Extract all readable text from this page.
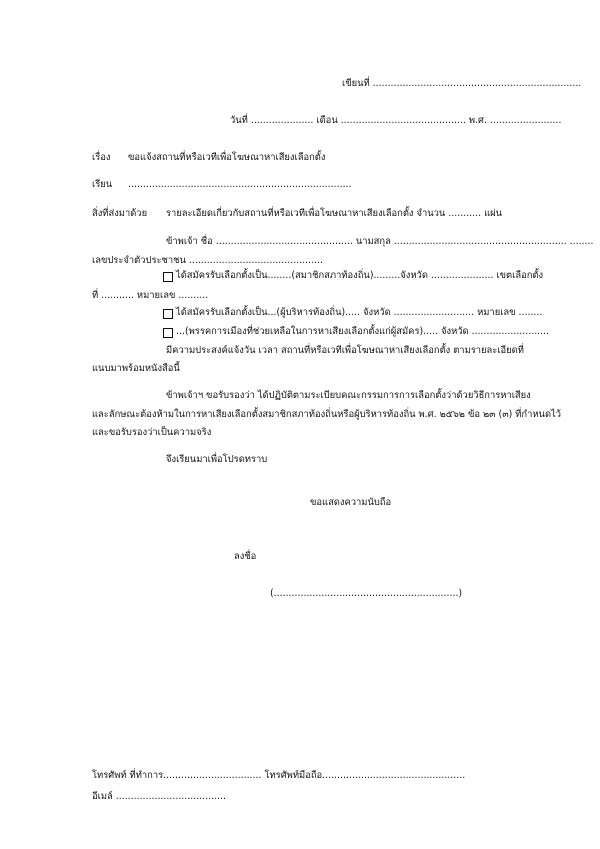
เขียนที่ ......................................................................
วันที่ ..................... เดือน .......................................... พ.ศ. ........................
เรื่อง ขอแจ้งสถานที่หรือเวทีเพื่อโฆษณาหาเสียงเลือกตั้ง
เรียน ...........................................................................
สิ่งที่ส่งมาด้วย รายละเอียดเกี่ยวกับสถานที่หรือเวทีเพื่อโฆษณาหาเสียงเลือกตั้ง จำนวน ........... แผ่น
ข้าพเจ้า ชื่อ .............................................. นามสกุล .......................................................... ........
เลขประจำตัวประชาชน .............................................
ได้สมัครรับเลือกตั้งเป็น........(สมาชิกสภาท้องถิ่น).........จังหวัด ..................... เขตเลือกตั้ง
ที่ ........... หมายเลข ..........
ได้สมัครรับเลือกตั้งเป็น...(ผู้บริหารท้องถิ่น)..... จังหวัด ........................... หมายเลข ........
...(พรรคการเมืองที่ช่วยเหลือในการหาเสียงเลือกตั้งแก่ผู้สมัคร)..... จังหวัด ..........................
มีความประสงค์แจ้งวัน เวลา สถานที่หรือเวทีเพื่อโฆษณาหาเสียงเลือกตั้ง ตามรายละเอียดที่
แนบมาพร้อมหนังสือนี้
ข้าพเจ้าฯ ขอรับรองว่า ได้ปฏิบัติตามระเบียบคณะกรรมการการเลือกตั้งว่าด้วยวิธีการหาเสียง
และลักษณะต้องห้ามในการหาเสียงเลือกตั้งสมาชิกสภาท้องถิ่นหรือผู้บริหารท้องถิ่น พ.ศ. ๒๕๖๒ ข้อ ๒๓ (๓) ที่กำหนดไว้
และขอรับรองว่าเป็นความจริง
จึงเรียนมาเพื่อโปรดทราบ
ขอแสดงความนับถือ
ลงชื่อ
(..............................................................)
โทรศัพท์ ที่ทำการ................................. โทรศัพท์มือถือ................................................
อีเมล์ .....................................
